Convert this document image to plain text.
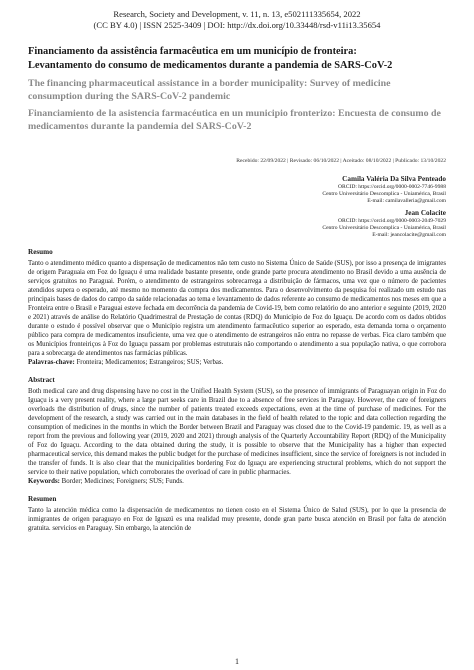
Research, Society and Development, v. 11, n. 13, e502111335654, 2022
(CC BY 4.0) | ISSN 2525-3409 | DOI: http://dx.doi.org/10.33448/rsd-v11i13.35654

Financiamento da assistência farmacêutica em um município de fronteira:
Levantamento do consumo de medicamentos durante a pandemia de SARS-CoV-2

The financing pharmaceutical assistance in a border municipality: Survey of medicine consumption during the SARS-CoV-2 pandemic

Financiamiento de la asistencia farmacéutica en un municipio fronterizo: Encuesta de consumo de medicamentos durante la pandemia del SARS-CoV-2

Recebido: 22/09/2022 | Revisado: 06/10/2022 | Aceitado: 08/10/2022 | Publicado: 13/10/2022
Camila Valéria Da Silva Penteado
ORCID: https://orcid.org/0000-0002-7746-9988
Centro Universitário Descomplica - Uniamérica, Brasil
E-mail: camilavalleria@gmail.com
Jean Colacite
ORCID: https://orcid.org/0000-0003-2049-7029
Centro Universitário Descomplica - Uniamérica, Brasil
E-mail: jeancolacite@gmail.com
Resumo

Tanto o atendimento médico quanto a dispensação de medicamentos não tem custo no Sistema Único de Saúde (SUS), por isso a presença de imigrantes de origem Paraguaia em Foz do Iguaçu é uma realidade bastante presente, onde grande parte procura atendimento no Brasil devido a uma ausência de serviços gratuitos no Paraguai. Porém, o atendimento de estrangeiros sobrecarrega a distribuição de fármacos, uma vez que o número de pacientes atendidos supera o esperado, até mesmo no momento da compra dos medicamentos. Para o desenvolvimento da pesquisa foi realizado um estudo nas principais bases de dados do campo da saúde relacionadas ao tema e levantamento de dados referente ao consumo de medicamentos nos meses em que a Fronteira entre o Brasil e Paraguai esteve fechada em decorrência da pandemia de Covid-19, bem como relatório do ano anterior e seguinte (2019, 2020 e 2021) através de análise do Relatório Quadrimestral de Prestação de contas (RDQ) do Município de Foz do Iguaçu. De acordo com os dados obtidos durante o estudo é possível observar que o Município registra um atendimento farmacêutico superior ao esperado, esta demanda torna o orçamento público para compra de medicamentos insuficiente, uma vez que o atendimento de estrangeiros não entra no repasse de verbas. Fica claro também que os Municípios fronteiriços à Foz do Iguaçu passam por problemas estruturais não comportando o atendimento a sua população nativa, o que corrobora para a sobrecarga de atendimentos nas farmácias públicas.

Palavras-chave: Fronteira; Medicamentos; Estrangeiros; SUS; Verbas.

Abstract

Both medical care and drug dispensing have no cost in the Unified Health System (SUS), so the presence of immigrants of Paraguayan origin in Foz do Iguaçu is a very present reality, where a large part seeks care in Brazil due to a absence of free services in Paraguay. However, the care of foreigners overloads the distribution of drugs, since the number of patients treated exceeds expectations, even at the time of purchase of medicines. For the development of the research, a study was carried out in the main databases in the field of health related to the topic and data collection regarding the consumption of medicines in the months in which the Border between Brazil and Paraguay was closed due to the Covid-19 pandemic. 19, as well as a report from the previous and following year (2019, 2020 and 2021) through analysis of the Quarterly Accountability Report (RDQ) of the Municipality of Foz do Iguaçu. According to the data obtained during the study, it is possible to observe that the Municipality has a higher than expected pharmaceutical service, this demand makes the public budget for the purchase of medicines insufficient, since the service of foreigners is not included in the transfer of funds. It is also clear that the municipalities bordering Foz do Iguaçu are experiencing structural problems, which do not support the service to their native population, which corroborates the overload of care in public pharmacies.

Keywords: Border; Medicines; Foreigners; SUS; Funds.

Resumen

Tanto la atención médica como la dispensación de medicamentos no tienen costo en el Sistema Único de Salud (SUS), por lo que la presencia de inmigrantes de origen paraguayo en Foz de Iguazú es una realidad muy presente, donde gran parte busca atención en Brasil por falta de atención gratuita. servicios en Paraguay. Sin embargo, la atención de

1
